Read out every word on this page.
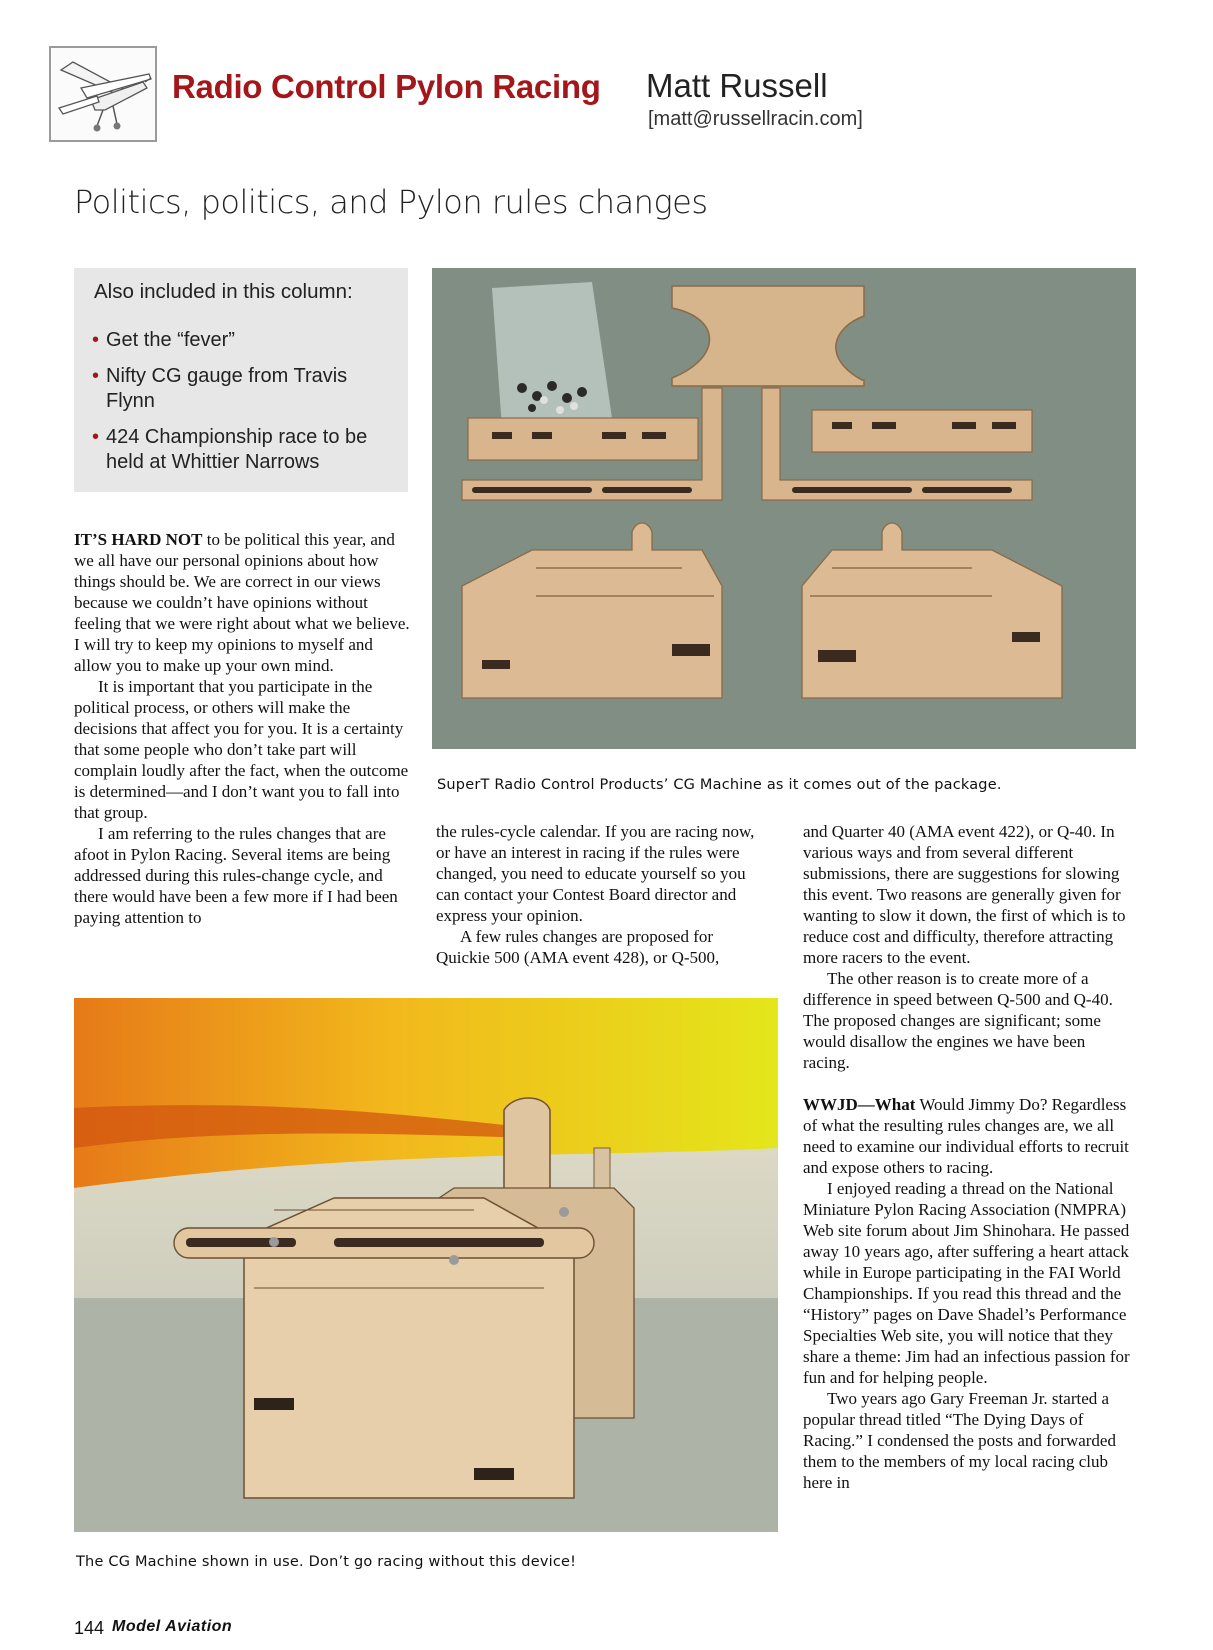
Radio Control Pylon Racing Matt Russell
[matt@russellracin.com]
Politics, politics, and Pylon rules changes
Also included in this column:
• Get the “fever”
• Nifty CG gauge from Travis Flynn
• 424 Championship race to be held at Whittier Narrows
SuperT Radio Control Products’ CG Machine as it comes out of the package.

IT’S HARD NOT to be political this year, and we all have our personal opinions about how things should be. We are correct in our views because we couldn’t have opinions without feeling that we were right about what we believe. I will try to keep my opinions to myself and allow you to make up your own mind.

It is important that you participate in the political process, or others will make the decisions that affect you for you. It is a certainty that some people who don’t take part will complain loudly after the fact, when the outcome is determined—and I don’t want you to fall into that group.

I am referring to the rules changes that are afoot in Pylon Racing. Several items are being addressed during this rules-change cycle, and there would have been a few more if I had been paying attention to

the rules-cycle calendar. If you are racing now, or have an interest in racing if the rules were changed, you need to educate yourself so you can contact your Contest Board director and express your opinion.

A few rules changes are proposed for Quickie 500 (AMA event 428), or Q-500,

and Quarter 40 (AMA event 422), or Q-40. In various ways and from several different submissions, there are suggestions for slowing this event. Two reasons are generally given for wanting to slow it down, the first of which is to reduce cost and difficulty, therefore attracting more racers to the event.

The other reason is to create more of a difference in speed between Q-500 and Q-40. The proposed changes are significant; some would disallow the engines we have been racing.

WWJD—What Would Jimmy Do? Regardless of what the resulting rules changes are, we all need to examine our individual efforts to recruit and expose others to racing.

I enjoyed reading a thread on the National Miniature Pylon Racing Association (NMPRA) Web site forum about Jim Shinohara. He passed away 10 years ago, after suffering a heart attack while in Europe participating in the FAI World Championships. If you read this thread and the “History” pages on Dave Shadel’s Performance Specialties Web site, you will notice that they share a theme: Jim had an infectious passion for fun and for helping people.

Two years ago Gary Freeman Jr. started a popular thread titled “The Dying Days of Racing.” I condensed the posts and forwarded them to the members of my local racing club here in

The CG Machine shown in use. Don’t go racing without this device!
144 Model Aviation
